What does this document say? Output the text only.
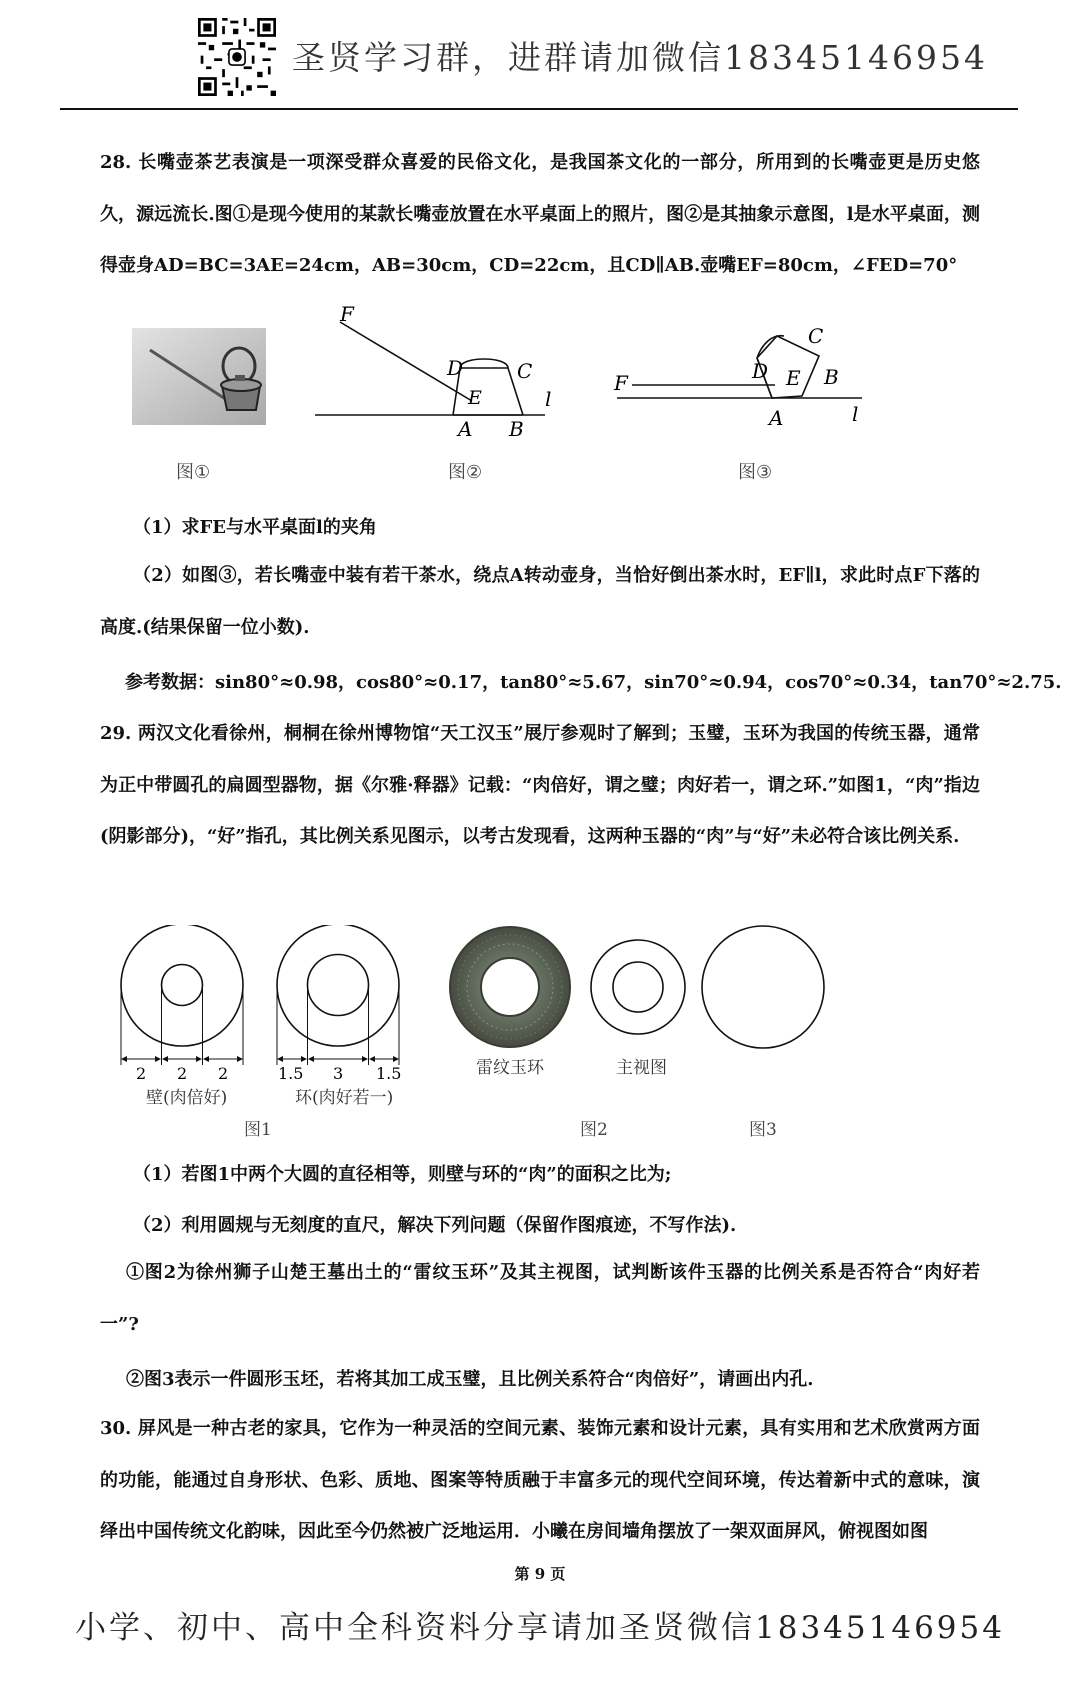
圣贤学习群，进群请加微信18345146954
28. 长嘴壶茶艺表演是一项深受群众喜爱的民俗文化，是我国茶文化的一部分，所用到的长嘴壶更是历史悠久，源远流长.图①是现今使用的某款长嘴壶放置在水平桌面上的照片，图②是其抽象示意图，l是水平桌面，测得壶身AD=BC=3AE=24cm，AB=30cm，CD=22cm，且CD∥AB.壶嘴EF=80cm，∠FED=70°
图①
F
D	C
E	l
A B
图②
F	D
C
E B
A	l
图③
（1）求FE与水平桌面l的夹角
（2）如图③，若长嘴壶中装有若干茶水，绕点A转动壶身，当恰好倒出茶水时，EF∥l，求此时点F下落的高度.(结果保留一位小数).
参考数据：sin80°≈0.98，cos80°≈0.17，tan80°≈5.67，sin70°≈0.94，cos70°≈0.34，tan70°≈2.75.
29. 两汉文化看徐州，桐桐在徐州博物馆“天工汉玉”展厅参观时了解到；玉璧，玉环为我国的传统玉器，通常为正中带圆孔的扁圆型器物，据《尔雅·释器》记载：“肉倍好，谓之璧；肉好若一，谓之环.”如图1，“肉”指边(阴影部分)，“好”指孔，其比例关系见图示，以考古发现看，这两种玉器的“肉”与“好”未必符合该比例关系.
2 2 2
壁(肉倍好)
1.5 3 1.5
环(肉好若一)
雷纹玉环	主视图
图1	图2	图3
（1）若图1中两个大圆的直径相等，则壁与环的“肉”的面积之比为;
（2）利用圆规与无刻度的直尺，解决下列问题（保留作图痕迹，不写作法).
①图2为徐州狮子山楚王墓出土的“雷纹玉环”及其主视图，试判断该件玉器的比例关系是否符合“肉好若一”?
②图3表示一件圆形玉坯，若将其加工成玉璧，且比例关系符合“肉倍好”，请画出内孔.
30. 屏风是一种古老的家具，它作为一种灵活的空间元素、装饰元素和设计元素，具有实用和艺术欣赏两方面的功能，能通过自身形状、色彩、质地、图案等特质融于丰富多元的现代空间环境，传达着新中式的意味，演绎出中国传统文化韵味，因此至今仍然被广泛地运用．小曦在房间墙角摆放了一架双面屏风，俯视图如图
第 9 页
小学、初中、高中全科资料分享请加圣贤微信18345146954
